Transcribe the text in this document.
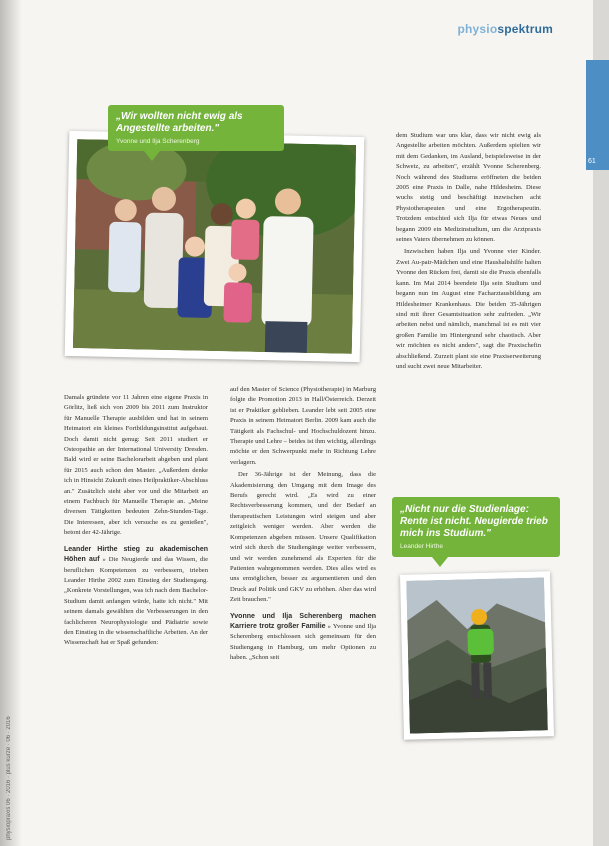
physiospektrum
61
physiopraxis 06 · 2016 · plus kurze · 06 · 2016
„Wir wollten nicht ewig als Angestellte arbeiten."
Yvonne und Ilja Scherenberg

dem Studium war uns klar, dass wir nicht ewig als Angestellte arbeiten möchten. Außerdem spielten wir mit dem Gedanken, im Ausland, beispielsweise in der Schweiz, zu arbeiten", erzählt Yvonne Scherenberg. Noch während des Studiums eröffneten die beiden 2005 eine Praxis in Dalle, nahe Hildesheim. Diese wuchs stetig und beschäftigt inzwischen acht Physiotherapeuten und eine Ergotherapeutin. Trotzdem entschied sich Ilja für etwas Neues und begann 2009 ein Medizinstudium, um die Arztpraxis seines Vaters übernehmen zu können.

Inzwischen haben Ilja und Yvonne vier Kinder. Zwei Au-pair-Mädchen und eine Haushaltshilfe halten Yvonne den Rücken frei, damit sie die Praxis ebenfalls kann. Im Mai 2014 beendete Ilja sein Studium und begann nun im August eine Facharztausbildung am Hildesheimer Krankenhaus. Die beiden 35-Jährigen sind mit ihrer Gesamtsituation sehr zufrieden. „Wir arbeiten nebst und nämlich, manchmal ist es mit vier großen Familie im Hintergrund sehr chaotisch. Aber wir möchten es nicht anders", sagt die Praxischefin abschließend. Zurzeit plant sie eine Praxiserweiterung und sucht zwei neue Mitarbeiter.

Damals gründete vor 11 Jahren eine eigene Praxis in Görlitz, ließ sich von 2009 bis 2011 zum Instruktor für Manuelle Therapie ausbilden und hat in seinem Heimatort ein kleines Fortbildungsinstitut aufgebaut. Doch damit nicht genug: Seit 2011 studiert er Osteopathie an der International University Dresden. Bald wird er seine Bachelorarbeit abgeben und plant für 2015 auch schon den Master. „Außerdem denke ich in Hinsicht Zukunft eines Heilpraktiker-Abschluss an." Zusätzlich steht aber vor und die Mitarbeit an einem Fachbuch für Manuelle Therapie an. „Meine diversen Tätigkeiten bedeuten Zehn-Stunden-Tage. Die Interessen, aber ich versuche es zu genießen", betont der 42-Jährige.

Leander Hirthe stieg zu akademischen Höhen auf » Die Neugierde und das Wissen, die beruflichen Kompetenzen zu verbessern, trieben Leander Hirthe 2002 zum Einstieg der Studiengang. „Konkrete Vorstellungen, was ich nach dem Bachelor-Studium damit anfangen würde, hatte ich nicht." Mit seinem damals gewählten die Verbesserungen in den fachlicheren Neurophysiologie und Pädiatrie sowie den Einstieg in die wissenschaftliche Arbeiten. An der Wissenschaft hat er Spaß gefunden:

auf den Master of Science (Physiotherapie) in Marburg folgte die Promotion 2013 in Hall/Österreich. Derzeit ist er Praktiker geblieben. Leander lebt seit 2005 eine Praxis in seinem Heimatort Berlin. 2009 kam auch die Tätigkeit als Fachschul- und Hochschuldozent hinzu. Therapie und Lehre – beides ist ihm wichtig, allerdings möchte er den Schwerpunkt mehr in Richtung Lehre verlagern.

Der 36-Jährige ist der Meinung, dass die Akademisierung den Umgang mit dem Image des Berufs gerecht wird. „Es wird zu einer Rechtsverbesserung kommen, und der Bedarf an therapeutischen Leistungen wird steigen und aber zeitgleich weniger werden. Aber werden die Kompetenzen abgeben müssen. Unsere Qualifikation wird sich durch die Studiengänge weiter verbessern, und wir werden zunehmend als Experten für die Patienten wahrgenommen werden. Dies alles wird es uns ermöglichen, besser zu argumentieren und den Druck auf Politik und GKV zu erhöhen. Aber das wird Zeit brauchen."

Yvonne und Ilja Scherenberg machen Karriere trotz großer Familie » Yvonne und Ilja Scherenberg entschlossen sich gemeinsam für den Studiengang in Hamburg, um mehr Optionen zu haben. „Schon seit

„Nicht nur die Studienlage: Rente ist nicht. Neugierde trieb mich ins Studium."
Leander Hirthe
